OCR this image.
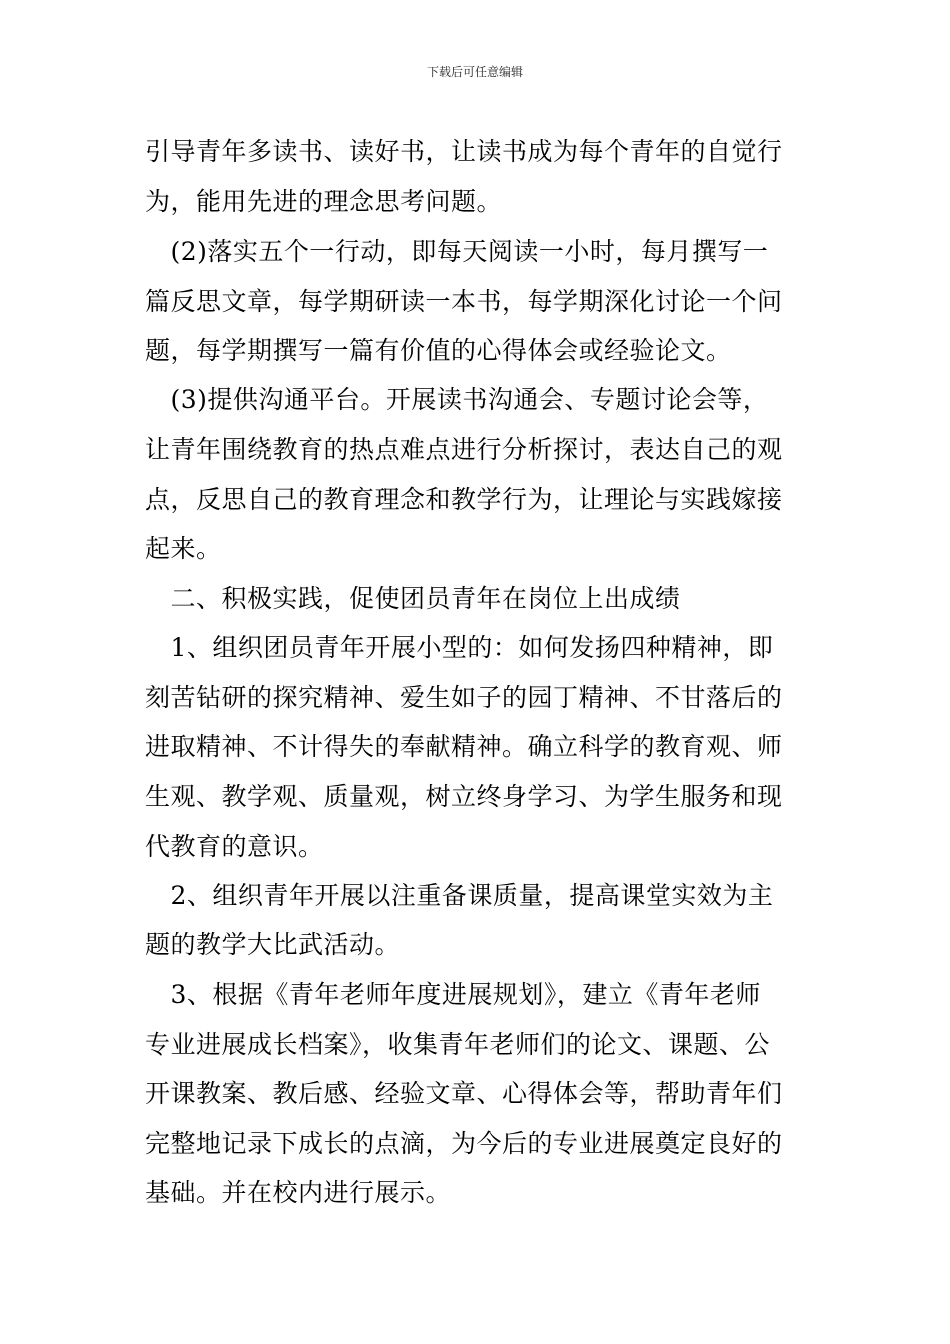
下载后可任意编辑
引导青年多读书、读好书，让读书成为每个青年的自觉行
为，能用先进的理念思考问题。
　(2)落实五个一行动，即每天阅读一小时，每月撰写一
篇反思文章，每学期研读一本书，每学期深化讨论一个问
题，每学期撰写一篇有价值的心得体会或经验论文。
　(3)提供沟通平台。开展读书沟通会、专题讨论会等，
让青年围绕教育的热点难点进行分析探讨，表达自己的观
点，反思自己的教育理念和教学行为，让理论与实践嫁接
起来。
　二、积极实践，促使团员青年在岗位上出成绩
　1、组织团员青年开展小型的：如何发扬四种精神，即
刻苦钻研的探究精神、爱生如子的园丁精神、不甘落后的
进取精神、不计得失的奉献精神。确立科学的教育观、师
生观、教学观、质量观，树立终身学习、为学生服务和现
代教育的意识。
　2、组织青年开展以注重备课质量，提高课堂实效为主
题的教学大比武活动。
　3、根据《青年老师年度进展规划》，建立《青年老师
专业进展成长档案》，收集青年老师们的论文、课题、公
开课教案、教后感、经验文章、心得体会等，帮助青年们
完整地记录下成长的点滴，为今后的专业进展奠定良好的
基础。并在校内进行展示。
